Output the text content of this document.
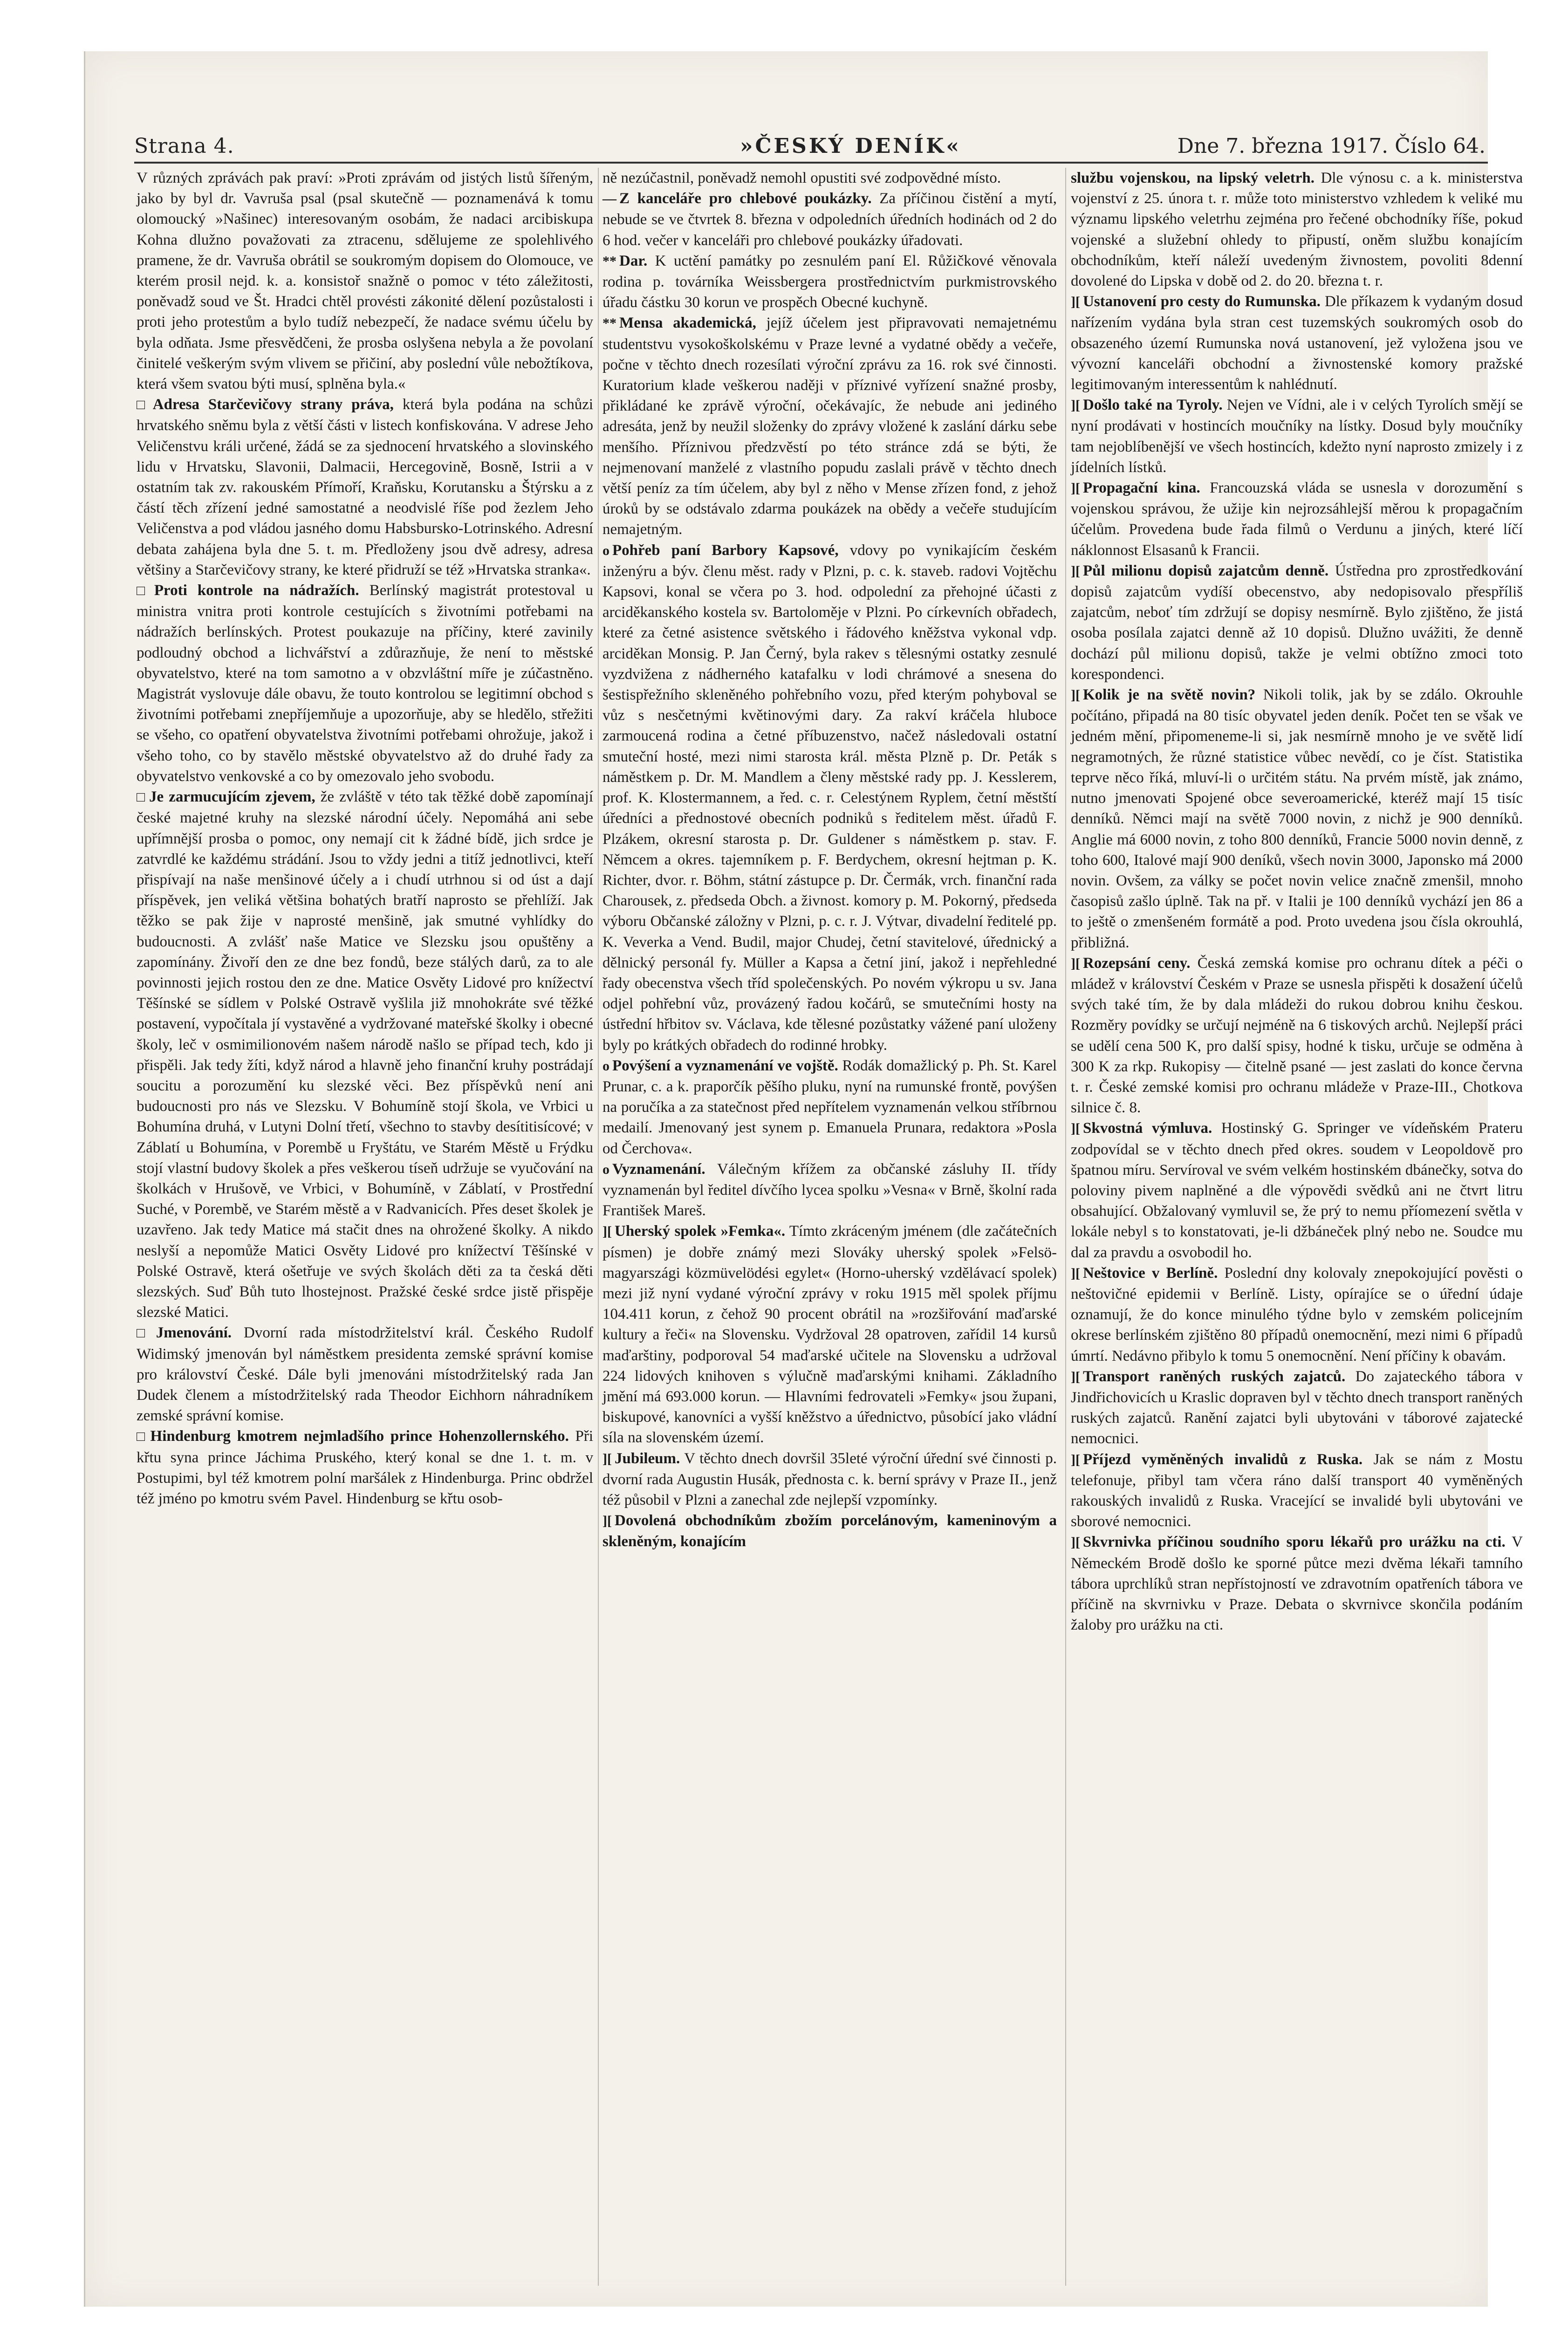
Strana 4.	»ČESKÝ DENÍK«	Dne 7. března 1917. Číslo 64.

V různých zprávách pak praví: »Proti zprávám od jistých listů šířeným, jako by byl dr. Vavruša psal (psal skutečně — poznamenává k tomu olomoucký »Našinec) interesovaným osobám, že nadaci arcibiskupa Kohna dlužno považovati za ztracenu, sdělujeme ze spolehlivého pramene, že dr. Vavruša obrátil se soukromým dopisem do Olomouce, ve kterém prosil nejd. k. a. konsistoř snažně o pomoc v této záležitosti, poněvadž soud ve Št. Hradci chtěl provésti zákonité dělení pozůstalosti i proti jeho protestům a bylo tudíž nebezpečí, že nadace svému účelu by byla odňata. Jsme přesvědčeni, že prosba oslyšena nebyla a že povolaní činitelé veškerým svým vlivem se přičiní, aby poslední vůle nebožtíkova, která všem svatou býti musí, splněna byla.«

□ Adresa Starčevičovy strany práva, která byla podána na schůzi hrvatského sněmu byla z větší části v listech konfiskována. V adrese Jeho Veličenstvu králi určené, žádá se za sjednocení hrvatského a slovinského lidu v Hrvatsku, Slavonii, Dalmacii, Hercegovině, Bosně, Istrii a v ostatním tak zv. rakouském Přímoří, Kraňsku, Korutansku a Štýrsku a z částí těch zřízení jedné samostatné a neodvislé říše pod žezlem Jeho Veličenstva a pod vládou jasného domu Habsbursko-Lotrinského. Adresní debata zahájena byla dne 5. t. m. Předloženy jsou dvě adresy, adresa většiny a Starčevičovy strany, ke které přidruží se též »Hrvatska stranka«.

□ Proti kontrole na nádražích. Berlínský magistrát protestoval u ministra vnitra proti kontrole cestujících s životními potřebami na nádražích berlínských. Protest poukazuje na příčiny, které zavinily podloudný obchod a lichvářství a zdůrazňuje, že není to městské obyvatelstvo, které na tom samotno a v obzvláštní míře je zúčastněno. Magistrát vyslovuje dále obavu, že touto kontrolou se legitimní obchod s životními potřebami znepříjemňuje a upozorňuje, aby se hledělo, střežiti se všeho, co opatření obyvatelstva životními potřebami ohrožuje, jakož i všeho toho, co by stavělo městské obyvatelstvo až do druhé řady za obyvatelstvo venkovské a co by omezovalo jeho svobodu.

□ Je zarmucujícím zjevem, že zvláště v této tak těžké době zapomínají české majetné kruhy na slezské národní účely. Nepomáhá ani sebe upřímnější prosba o pomoc, ony nemají cit k žádné bídě, jich srdce je zatvrdlé ke každému strádání. Jsou to vždy jedni a titíž jednotlivci, kteří přispívají na naše menšinové účely a i chudí utrhnou si od úst a dají příspěvek, jen veliká většina bohatých bratří naprosto se přehlíží. Jak těžko se pak žije v naprosté menšině, jak smutné vyhlídky do budoucnosti. A zvlášť naše Matice ve Slezsku jsou opuštěny a zapomínány. Živoří den ze dne bez fondů, beze stálých darů, za to ale povinnosti jejich rostou den ze dne. Matice Osvěty Lidové pro knížectví Těšínské se sídlem v Polské Ostravě vyšlila již mnohokráte své těžké postavení, vypočítala jí vystavěné a vydržované mateřské školky i obecné školy, leč v osmimilionovém našem národě našlo se případ tech, kdo ji přispěli. Jak tedy žíti, když národ a hlavně jeho finanční kruhy postrádají soucitu a porozumění ku slezské věci. Bez příspěvků není ani budoucnosti pro nás ve Slezsku. V Bohumíně stojí škola, ve Vrbici u Bohumína druhá, v Lutyni Dolní třetí, všechno to stavby desítitisícové; v Záblatí u Bohumína, v Porembě u Fryštátu, ve Starém Městě u Frýdku stojí vlastní budovy školek a přes veškerou tíseň udržuje se vyučování na školkách v Hrušově, ve Vrbici, v Bohumíně, v Záblatí, v Prostřední Suché, v Porembě, ve Starém městě a v Radvanicích. Přes deset školek je uzavřeno. Jak tedy Matice má stačit dnes na ohrožené školky. A nikdo neslyší a nepomůže Matici Osvěty Lidové pro knížectví Těšínské v Polské Ostravě, která ošetřuje ve svých školách děti za ta česká děti slezských. Suď Bůh tuto lhostejnost. Pražské české srdce jistě přispěje slezské Matici.

□ Jmenování. Dvorní rada místodržitelství král. Českého Rudolf Widimský jmenován byl náměstkem presidenta zemské správní komise pro království České. Dále byli jmenováni místodržitelský rada Jan Dudek členem a místodržitelský rada Theodor Eichhorn náhradníkem zemské správní komise.

□ Hindenburg kmotrem nejmladšího prince Hohenzollernského. Při křtu syna prince Jáchima Pruského, který konal se dne 1. t. m. v Postupimi, byl též kmotrem polní maršálek z Hindenburga. Princ obdržel též jméno po kmotru svém Pavel. Hindenburg se křtu osob-

ně nezúčastnil, poněvadž nemohl opustiti své zodpovědné místo.

— Z kanceláře pro chlebové poukázky. Za příčinou čistění a mytí, nebude se ve čtvrtek 8. března v odpoledních úředních hodinách od 2 do 6 hod. večer v kanceláři pro chlebové poukázky úřadovati.

** Dar. K uctění památky po zesnulém paní El. Růžičkové věnovala rodina p. továrníka Weissbergera prostřednictvím purkmistrovského úřadu částku 30 korun ve prospěch Obecné kuchyně.

** Mensa akademická, jejíž účelem jest připravovati nemajetnému studentstvu vysokoškolskému v Praze levné a vydatné obědy a večeře, počne v těchto dnech rozesílati výroční zprávu za 16. rok své činnosti. Kuratorium klade veškerou naději v příznivé vyřízení snažné prosby, přikládané ke zprávě výroční, očekávajíc, že nebude ani jediného adresáta, jenž by neužil složenky do zprávy vložené k zaslání dárku sebe menšího. Příznivou předzvěstí po této stránce zdá se býti, že nejmenovaní manželé z vlastního popudu zaslali právě v těchto dnech větší peníz za tím účelem, aby byl z něho v Mense zřízen fond, z jehož úroků by se odstávalo zdarma poukázek na obědy a večeře studujícím nemajetným.

o Pohřeb paní Barbory Kapsové, vdovy po vynikajícím českém inženýru a býv. členu měst. rady v Plzni, p. c. k. staveb. radovi Vojtěchu Kapsovi, konal se včera po 3. hod. odpolední za přehojné účasti z arciděkanského kostela sv. Bartoloměje v Plzni. Po církevních obřadech, které za četné asistence světského i řádového kněžstva vykonal vdp. arciděkan Monsig. P. Jan Černý, byla rakev s tělesnými ostatky zesnulé vyzdvižena z nádherného katafalku v lodi chrámové a snesena do šestispřežního skleněného pohřebního vozu, před kterým pohyboval se vůz s nesčetnými květinovými dary. Za rakví kráčela hluboce zarmoucená rodina a četné příbuzenstvo, načež následovali ostatní smuteční hosté, mezi nimi starosta král. města Plzně p. Dr. Peták s náměstkem p. Dr. M. Mandlem a členy městské rady pp. J. Kesslerem, prof. K. Klostermannem, a řed. c. r. Celestýnem Ryplem, četní městští úředníci a přednostové obecních podniků s ředitelem měst. úřadů F. Plzákem, okresní starosta p. Dr. Guldener s náměstkem p. stav. F. Němcem a okres. tajemníkem p. F. Berdychem, okresní hejtman p. K. Richter, dvor. r. Böhm, státní zástupce p. Dr. Čermák, vrch. finanční rada Charousek, z. předseda Obch. a živnost. komory p. M. Pokorný, předseda výboru Občanské záložny v Plzni, p. c. r. J. Výtvar, divadelní ředitelé pp. K. Veverka a Vend. Budil, major Chudej, četní stavitelové, úřednický a dělnický personál fy. Müller a Kapsa a četní jiní, jakož i nepřehledné řady obecenstva všech tříd společenských. Po novém výkropu u sv. Jana odjel pohřební vůz, provázený řadou kočárů, se smutečními hosty na ústřední hřbitov sv. Václava, kde tělesné pozůstatky vážené paní uloženy byly po krátkých obřadech do rodinné hrobky.

o Povýšení a vyznamenání ve vojště. Rodák domažlický p. Ph. St. Karel Prunar, c. a k. praporčík pěšího pluku, nyní na rumunské frontě, povýšen na poručíka a za statečnost před nepřítelem vyznamenán velkou stříbrnou medailí. Jmenovaný jest synem p. Emanuela Prunara, redaktora »Posla od Čerchova«.

o Vyznamenání. Válečným křížem za občanské zásluhy II. třídy vyznamenán byl ředitel dívčího lycea spolku »Vesna« v Brně, školní rada František Mareš.

][ Uherský spolek »Femka«. Tímto zkráceným jménem (dle začátečních písmen) je dobře známý mezi Slováky uherský spolek »Felsö-magyarszági közmüvelödési egylet« (Horno-uherský vzdělávací spolek) mezi již nyní vydané výroční zprávy v roku 1915 měl spolek příjmu 104.411 korun, z čehož 90 procent obrátil na »rozšiřování maďarské kultury a řeči« na Slovensku. Vydržoval 28 opatroven, zařídil 14 kursů maďarštiny, podporoval 54 maďarské učitele na Slovensku a udržoval 224 lidových knihoven s výlučně maďarskými knihami. Základního jmění má 693.000 korun. — Hlavními fedrovateli »Femky« jsou župani, biskupové, kanovníci a vyšší kněžstvo a úřednictvo, působící jako vládní síla na slovenském území.

][ Jubileum. V těchto dnech dovršil 35leté výroční úřední své činnosti p. dvorní rada Augustin Husák, přednosta c. k. berní správy v Praze II., jenž též působil v Plzni a zanechal zde nejlepší vzpomínky.

][ Dovolená obchodníkům zbožím porcelánovým, kameninovým a skleněným, konajícím

službu vojenskou, na lipský veletrh. Dle výnosu c. a k. ministerstva vojenství z 25. února t. r. může toto ministerstvo vzhledem k veliké mu významu lipského veletrhu zejména pro řečené obchodníky říše, pokud vojenské a služební ohledy to připustí, oněm službu konajícím obchodníkům, kteří náleží uvedeným živnostem, povoliti 8denní dovolené do Lipska v době od 2. do 20. března t. r.

][ Ustanovení pro cesty do Rumunska. Dle příkazem k vydaným dosud nařízením vydána byla stran cest tuzemských soukromých osob do obsazeného území Rumunska nová ustanovení, jež vyložena jsou ve vývozní kanceláři obchodní a živnostenské komory pražské legitimovaným interessentům k nahlédnutí.

][ Došlo také na Tyroly. Nejen ve Vídni, ale i v celých Tyrolích smějí se nyní prodávati v hostincích moučníky na lístky. Dosud byly moučníky tam nejoblíbenější ve všech hostincích, kdežto nyní naprosto zmizely i z jídelních lístků.

][ Propagační kina. Francouzská vláda se usnesla v dorozumění s vojenskou správou, že užije kin nejrozsáhlejší měrou k propagačním účelům. Provedena bude řada filmů o Verdunu a jiných, které líčí náklonnost Elsasanů k Francii.

][ Půl milionu dopisů zajatcům denně. Ústředna pro zprostředkování dopisů zajatcům vydíší obecenstvo, aby nedopisovalo přespříliš zajatcům, neboť tím zdržují se dopisy nesmírně. Bylo zjištěno, že jistá osoba posílala zajatci denně až 10 dopisů. Dlužno uvážiti, že denně dochází půl milionu dopisů, takže je velmi obtížno zmoci toto korespondenci.

][ Kolik je na světě novin? Nikoli tolik, jak by se zdálo. Okrouhle počítáno, připadá na 80 tisíc obyvatel jeden deník. Počet ten se však ve jedném mění, připomeneme-li si, jak nesmírně mnoho je ve světě lidí negramotných, že různé statistice vůbec nevědí, co je číst. Statistika teprve něco říká, mluví-li o určitém státu. Na prvém místě, jak známo, nutno jmenovati Spojené obce severoamerické, kteréž mají 15 tisíc denníků. Němci mají na světě 7000 novin, z nichž je 900 denníků. Anglie má 6000 novin, z toho 800 denníků, Francie 5000 novin denně, z toho 600, Italové mají 900 deníků, všech novin 3000, Japonsko má 2000 novin. Ovšem, za války se počet novin velice značně zmenšil, mnoho časopisů zašlo úplně. Tak na př. v Italii je 100 denníků vychází jen 86 a to ještě o zmenšeném formátě a pod. Proto uvedena jsou čísla okrouhlá, přibližná.

][ Rozepsání ceny. Česká zemská komise pro ochranu dítek a péči o mládež v království Českém v Praze se usnesla přispěti k dosažení účelů svých také tím, že by dala mládeži do rukou dobrou knihu českou. Rozměry povídky se určují nejméně na 6 tiskových archů. Nejlepší práci se udělí cena 500 K, pro další spisy, hodné k tisku, určuje se odměna à 300 K za rkp. Rukopisy — čitelně psané — jest zaslati do konce června t. r. České zemské komisi pro ochranu mládeže v Praze-III., Chotkova silnice č. 8.

][ Skvostná výmluva. Hostinský G. Springer ve vídeňském Prateru zodpovídal se v těchto dnech před okres. soudem v Leopoldově pro špatnou míru. Servíroval ve svém velkém hostinském dbánečky, sotva do poloviny pivem naplněné a dle výpovědi svědků ani ne čtvrt litru obsahující. Obžalovaný vymluvil se, že prý to nemu příomezení světla v lokále nebyl s to konstatovati, je-li džbáneček plný nebo ne. Soudce mu dal za pravdu a osvobodil ho.

][ Neštovice v Berlíně. Poslední dny kolovaly znepokojující pověsti o neštovičné epidemii v Berlíně. Listy, opírajíce se o úřední údaje oznamují, že do konce minulého týdne bylo v zemském policejním okrese berlínském zjištěno 80 případů onemocnění, mezi nimi 6 případů úmrtí. Nedávno přibylo k tomu 5 onemocnění. Není příčiny k obavám.

][ Transport raněných ruských zajatců. Do zajateckého tábora v Jindřichovicích u Kraslic dopraven byl v těchto dnech transport raněných ruských zajatců. Ranění zajatci byli ubytováni v táborové zajatecké nemocnici.

][ Příjezd vyměněných invalidů z Ruska. Jak se nám z Mostu telefonuje, přibyl tam včera ráno další transport 40 vyměněných rakouských invalidů z Ruska. Vracející se invalidé byli ubytováni ve sborové nemocnici.

][ Skvrnivka příčinou soudního sporu lékařů pro urážku na cti. V Německém Brodě došlo ke sporné půtce mezi dvěma lékaři tamního tábora uprchlíků stran nepřístojností ve zdravotním opatřeních tábora ve příčině na skvrnivku v Praze. Debata o skvrnivce skončila podáním žaloby pro urážku na cti.
